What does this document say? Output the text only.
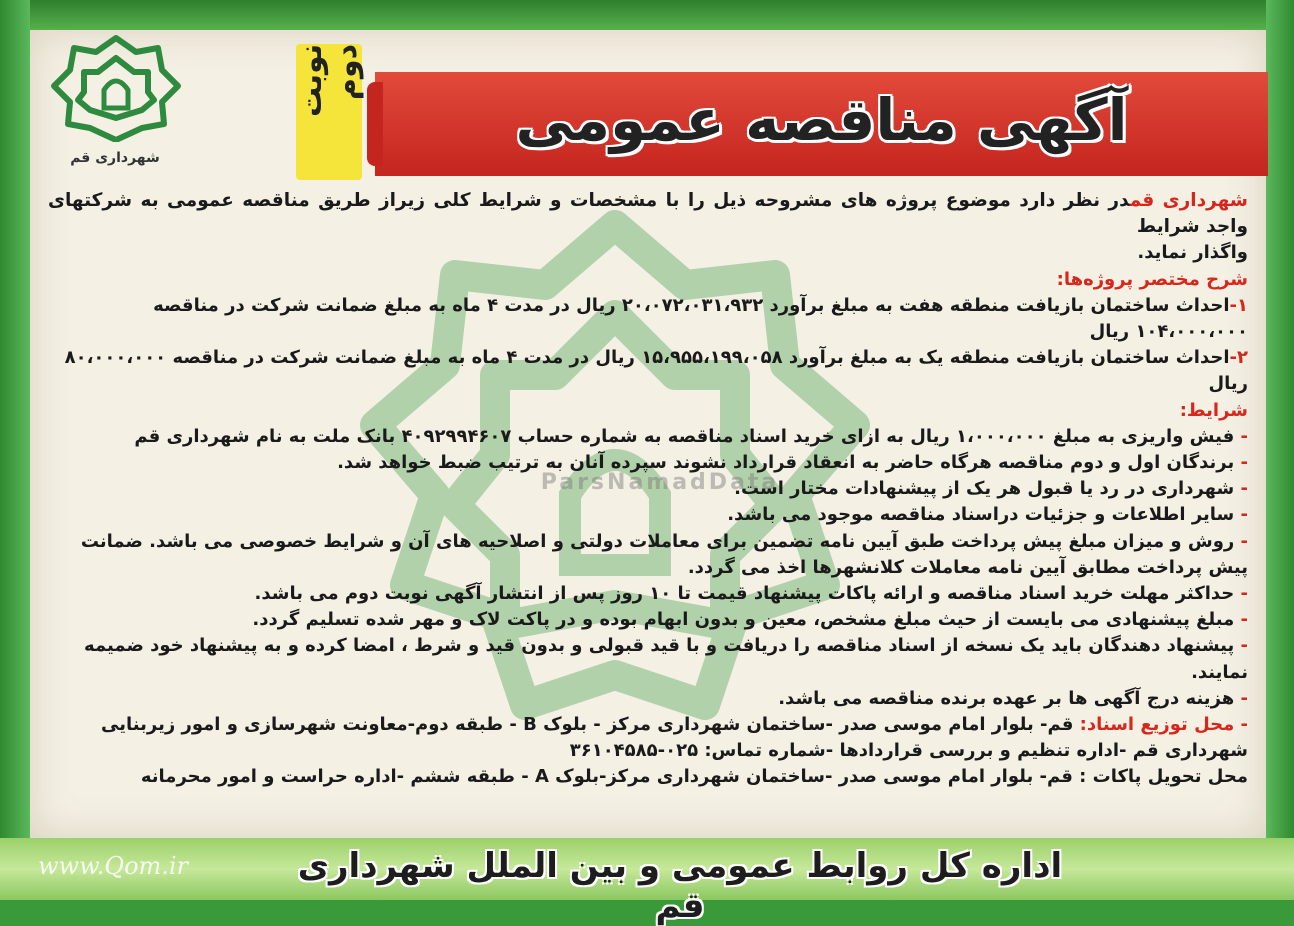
ParsNamadData
آگهی مناقصه عمومی
نوبت دوم
شهرداری قم

شهرداری قمدر نظر دارد موضوع پروژه های مشروحه ذیل را با مشخصات و شرایط کلی زیراز طریق مناقصه عمومی به شرکتهای واجد شرایط

واگذار نماید.

شرح مختصر پروژه‌ها:

۱-احداث ساختمان بازیافت منطقه هفت به مبلغ برآورد ۲۰،۰۷۲،۰۳۱،۹۳۲ ریال در مدت ۴ ماه به مبلغ ضمانت شرکت در مناقصه ۱۰۴،۰۰۰،۰۰۰ ریال

۲-احداث ساختمان بازیافت منطقه یک به مبلغ برآورد ۱۵،۹۵۵،۱۹۹،۰۵۸ ریال در مدت ۴ ماه به مبلغ ضمانت شرکت در مناقصه ۸۰،۰۰۰،۰۰۰ ریال

شرایط:

- فیش واریزی به مبلغ ۱،۰۰۰،۰۰۰ ریال به ازای خرید اسناد مناقصه به شماره حساب ۴۰۹۲۹۹۴۶۰۷ بانک ملت به نام شهرداری قم

- برندگان اول و دوم مناقصه هرگاه حاضر به انعقاد قرارداد نشوند سپرده آنان به ترتیب ضبط خواهد شد.

- شهرداری در رد یا قبول هر یک از پیشنهادات مختار است.

- سایر اطلاعات و جزئیات دراسناد مناقصه موجود می باشد.

- روش و میزان مبلغ پیش پرداخت طبق آیین نامه تضمین برای معاملات دولتی و اصلاحیه های آن و شرایط خصوصی می باشد. ضمانت پیش پرداخت مطابق آیین نامه معاملات کلانشهرها اخذ می گردد.

- حداکثر مهلت خرید اسناد مناقصه و ارائه پاکات پیشنهاد قیمت تا ۱۰ روز پس از انتشار آگهی نوبت دوم می باشد.

- مبلغ پیشنهادی می بایست از حیث مبلغ مشخص، معین و بدون ابهام بوده و در پاکت لاک و مهر شده تسلیم گردد.

- پیشنهاد دهندگان باید یک نسخه از اسناد مناقصه را دریافت و با قید قبولی و بدون قید و شرط ، امضا کرده و به پیشنهاد خود ضمیمه نمایند.

- هزینه درج آگهی ها بر عهده برنده مناقصه می باشد.

- محل توزیع اسناد: قم- بلوار امام موسی صدر -ساختمان شهرداری مرکز - بلوک B - طبقه دوم-معاونت شهرسازی و امور زیربنایی شهرداری قم -اداره تنظیم و بررسی قراردادها -شماره تماس: ۰۲۵-۳۶۱۰۴۵۸۵

محل تحویل پاکات : قم- بلوار امام موسی صدر -ساختمان شهرداری مرکز-بلوک A - طبقه ششم -اداره حراست و امور محرمانه

www.Qom.ir	اداره کل روابط عمومی و بین الملل شهرداری قم
